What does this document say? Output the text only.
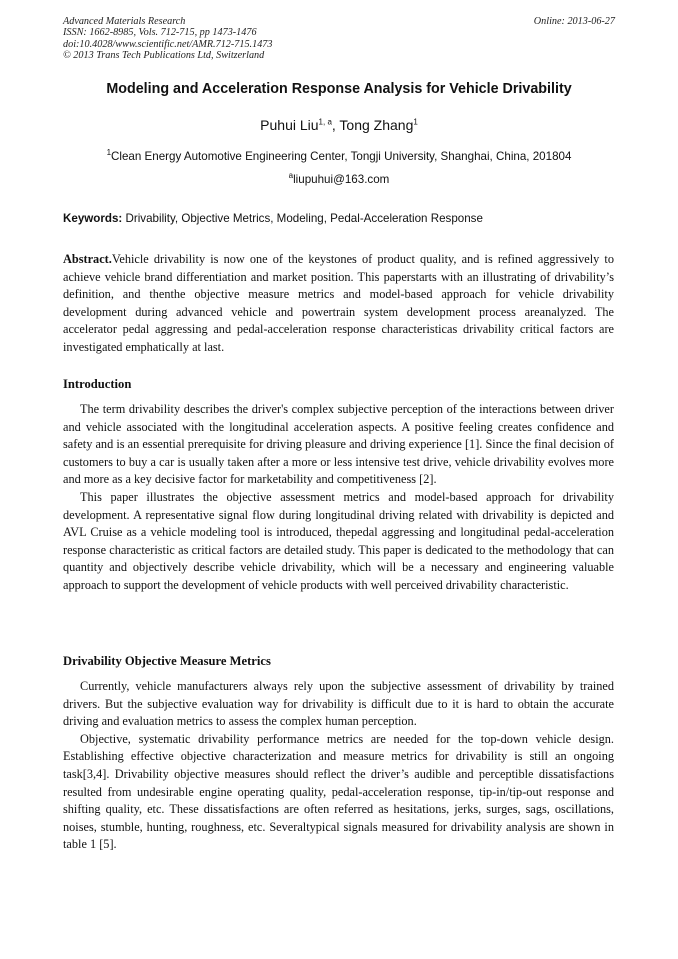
Advanced Materials Research
ISSN: 1662-8985, Vols. 712-715, pp 1473-1476
doi:10.4028/www.scientific.net/AMR.712-715.1473
© 2013 Trans Tech Publications Ltd, Switzerland
Online: 2013-06-27
Modeling and Acceleration Response Analysis for Vehicle Drivability
Puhui Liu$^{1, a}$, Tong Zhang$^1$
$^1$Clean Energy Automotive Engineering Center, Tongji University, Shanghai, China, 201804
$^a$liupuhui@163.com
Keywords: Drivability, Objective Metrics, Modeling, Pedal-Acceleration Response

Abstract.Vehicle drivability is now one of the keystones of product quality, and is refined aggressively to achieve vehicle brand differentiation and market position. This paperstarts with an illustrating of drivability’s definition, and thenthe objective measure metrics and model-based approach for vehicle drivability development during advanced vehicle and powertrain system development process areanalyzed. The accelerator pedal aggressing and pedal-acceleration response characteristicas drivability critical factors are investigated emphatically at last.

Introduction

The term drivability describes the driver's complex subjective perception of the interactions between driver and vehicle associated with the longitudinal acceleration aspects. A positive feeling creates confidence and safety and is an essential prerequisite for driving pleasure and driving experience [1]. Since the final decision of customers to buy a car is usually taken after a more or less intensive test drive, vehicle drivability evolves more and more as a key decisive factor for marketability and competitiveness [2].

This paper illustrates the objective assessment metrics and model-based approach for drivability development. A representative signal flow during longitudinal driving related with drivability is depicted and AVL Cruise as a vehicle modeling tool is introduced, thepedal aggressing and longitudinal pedal-acceleration response characteristic as critical factors are detailed study. This paper is dedicated to the methodology that can quantity and objectively describe vehicle drivability, which will be a necessary and engineering valuable approach to support the development of vehicle products with well perceived drivability characteristic.

Drivability Objective Measure Metrics

Currently, vehicle manufacturers always rely upon the subjective assessment of drivability by trained drivers. But the subjective evaluation way for drivability is difficult due to it is hard to obtain the accurate driving and evaluation metrics to assess the complex human perception.

Objective, systematic drivability performance metrics are needed for the top-down vehicle design. Establishing effective objective characterization and measure metrics for drivability is still an ongoing task[3,4]. Drivability objective measures should reflect the driver’s audible and perceptible dissatisfactions resulted from undesirable engine operating quality, pedal-acceleration response, tip-in/tip-out response and shifting quality, etc. These dissatisfactions are often referred as hesitations, jerks, surges, sags, oscillations, noises, stumble, hunting, roughness, etc. Severaltypical signals measured for drivability analysis are shown in table 1 [5].
